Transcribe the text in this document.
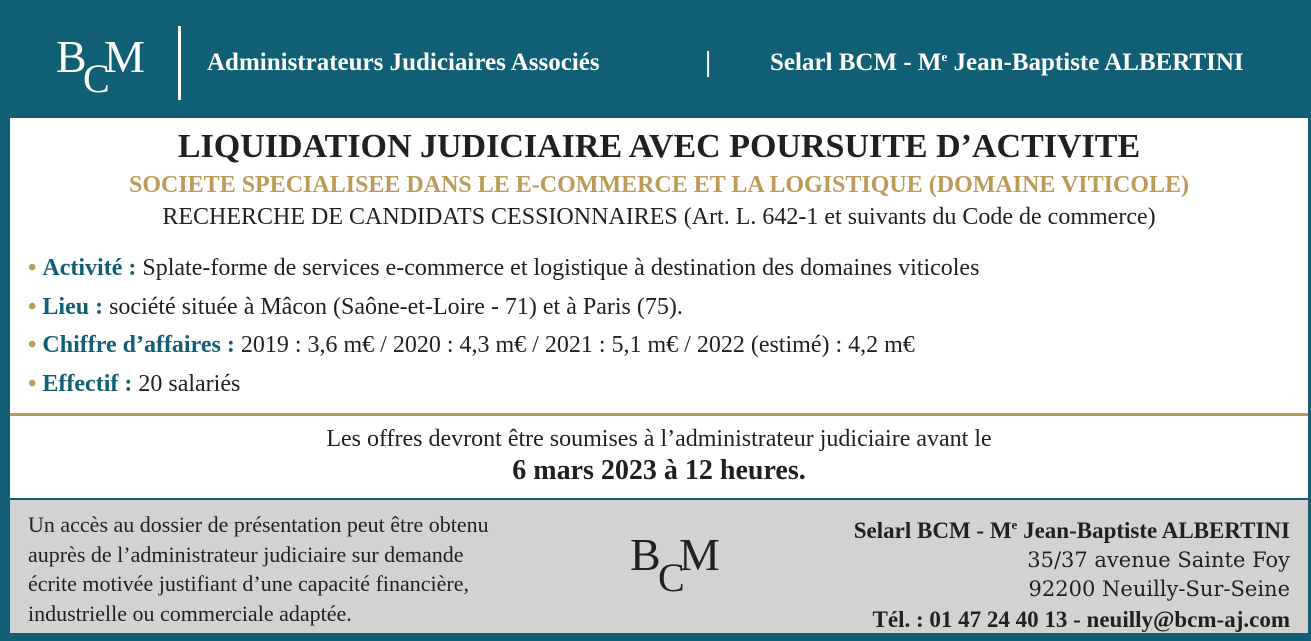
B
C
M Administrateurs Judiciaires Associés	| Selarl BCM - Me Jean-Baptiste ALBERTINI
LIQUIDATION JUDICIAIRE AVEC POURSUITE D’ACTIVITE
SOCIETE SPECIALISEE DANS LE E-COMMERCE ET LA LOGISTIQUE (DOMAINE VITICOLE)
RECHERCHE DE CANDIDATS CESSIONNAIRES (Art. L. 642-1 et suivants du Code de commerce)
• Activité : Splate-forme de services e-commerce et logistique à destination des domaines viticoles
• Lieu : société située à Mâcon (Saône-et-Loire - 71) et à Paris (75).
• Chiffre d’affaires : 2019 : 3,6 m€ / 2020 : 4,3 m€ / 2021 : 5,1 m€ / 2022 (estimé) : 4,2 m€
• Effectif : 20 salariés
Les offres devront être soumises à l’administrateur judiciaire avant le
6 mars 2023 à 12 heures.
Un accès au dossier de présentation peut être obtenu
auprès de l’administrateur judiciaire sur demande
écrite motivée justifiant d’une capacité financière,
industrielle ou commerciale adaptée.
B
C
M	Selarl BCM - Me Jean-Baptiste ALBERTINI
35/37 avenue Sainte Foy
92200 Neuilly-Sur-Seine
Tél. : 01 47 24 40 13 - neuilly@bcm-aj.com
